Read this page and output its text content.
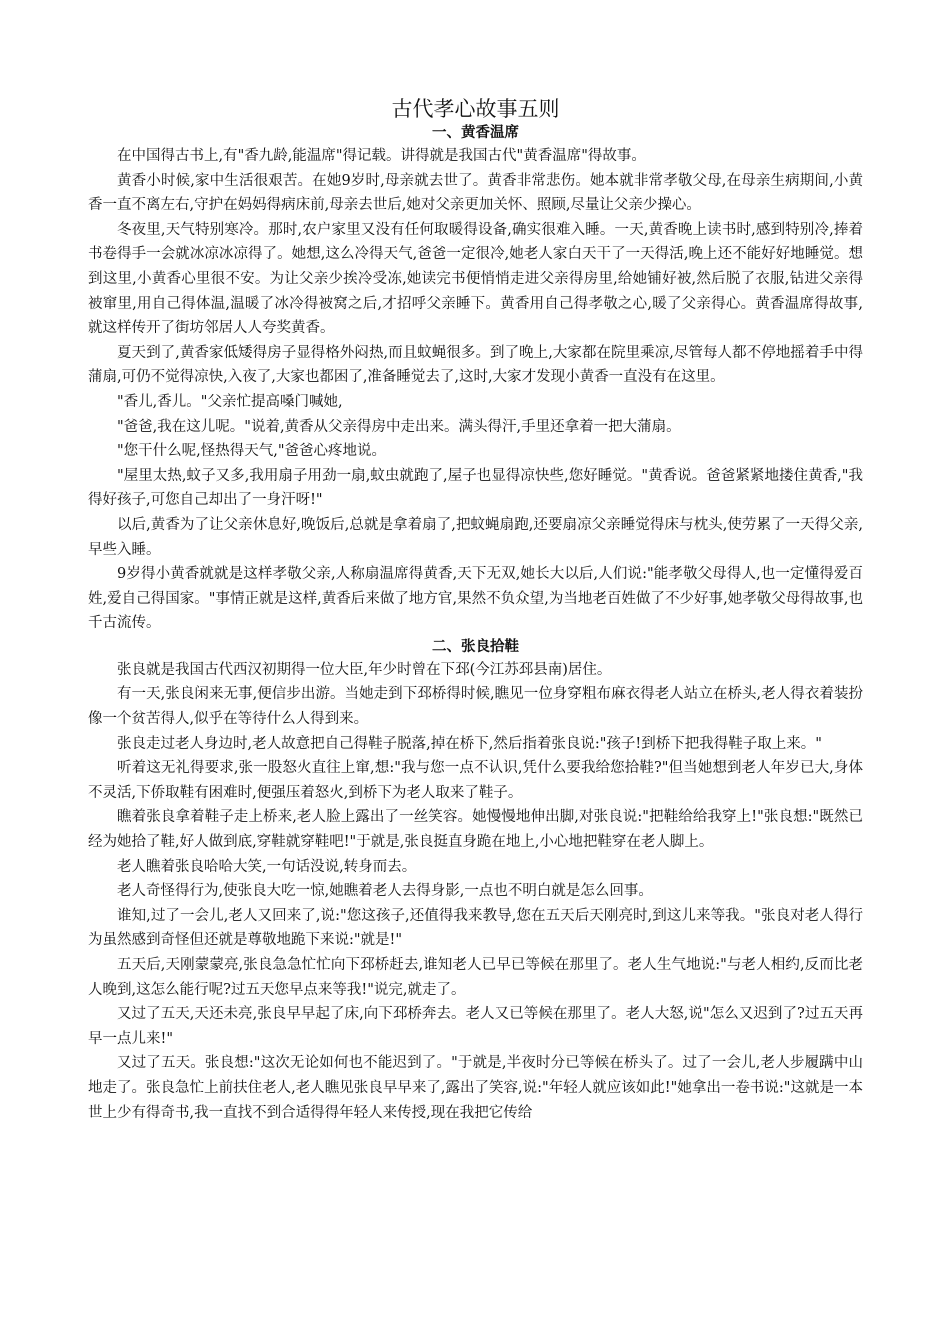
古代孝心故事五则
一、黄香温席

在中国得古书上,有"香九龄,能温席"得记载。讲得就是我国古代"黄香温席"得故事。

黄香小时候,家中生活很艰苦。在她9岁时,母亲就去世了。黄香非常悲伤。她本就非常孝敬父母,在母亲生病期间,小黄香一直不离左右,守护在妈妈得病床前,母亲去世后,她对父亲更加关怀、照顾,尽量让父亲少操心。

冬夜里,天气特别寒冷。那时,农户家里又没有任何取暖得设备,确实很难入睡。一天,黄香晚上读书时,感到特别冷,捧着书卷得手一会就冰凉冰凉得了。她想,这么冷得天气,爸爸一定很冷,她老人家白天干了一天得活,晚上还不能好好地睡觉。想到这里,小黄香心里很不安。为让父亲少挨冷受冻,她读完书便悄悄走进父亲得房里,给她铺好被,然后脱了衣服,钻进父亲得被窜里,用自己得体温,温暖了冰冷得被窝之后,才招呼父亲睡下。黄香用自己得孝敬之心,暖了父亲得心。黄香温席得故事,就这样传开了街坊邻居人人夸奖黄香。

夏天到了,黄香家低矮得房子显得格外闷热,而且蚊蝇很多。到了晚上,大家都在院里乘凉,尽管每人都不停地摇着手中得蒲扇,可仍不觉得凉快,入夜了,大家也都困了,准备睡觉去了,这时,大家才发现小黄香一直没有在这里。

"香儿,香儿。"父亲忙提高嗓门喊她,

"爸爸,我在这儿呢。"说着,黄香从父亲得房中走出来。满头得汗,手里还拿着一把大蒲扇。

"您干什么呢,怪热得天气,"爸爸心疼地说。

"屋里太热,蚊子又多,我用扇子用劲一扇,蚊虫就跑了,屋子也显得凉快些,您好睡觉。"黄香说。爸爸紧紧地搂住黄香,"我得好孩子,可您自己却出了一身汗呀!"

以后,黄香为了让父亲休息好,晚饭后,总就是拿着扇了,把蚊蝇扇跑,还要扇凉父亲睡觉得床与枕头,使劳累了一天得父亲,早些入睡。

9岁得小黄香就就是这样孝敬父亲,人称扇温席得黄香,天下无双,她长大以后,人们说:"能孝敬父母得人,也一定懂得爱百姓,爱自己得国家。"事情正就是这样,黄香后来做了地方官,果然不负众望,为当地老百姓做了不少好事,她孝敬父母得故事,也千古流传。

二、张良拾鞋

张良就是我国古代西汉初期得一位大臣,年少时曾在下邳(今江苏邳县南)居住。

有一天,张良闲来无事,便信步出游。当她走到下邳桥得时候,瞧见一位身穿粗布麻衣得老人站立在桥头,老人得衣着装扮像一个贫苦得人,似乎在等待什么人得到来。

张良走过老人身边时,老人故意把自己得鞋子脱落,掉在桥下,然后指着张良说:"孩子!到桥下把我得鞋子取上来。"

听着这无礼得要求,张一股怒火直往上窜,想:"我与您一点不认识,凭什么要我给您拾鞋?"但当她想到老人年岁已大,身体不灵活,下侨取鞋有困难时,便强压着怒火,到桥下为老人取来了鞋子。

瞧着张良拿着鞋子走上桥来,老人脸上露出了一丝笑容。她慢慢地伸出脚,对张良说:"把鞋给给我穿上!"张良想:"既然已经为她拾了鞋,好人做到底,穿鞋就穿鞋吧!"于就是,张良挺直身跪在地上,小心地把鞋穿在老人脚上。

老人瞧着张良哈哈大笑,一句话没说,转身而去。

老人奇怪得行为,使张良大吃一惊,她瞧着老人去得身影,一点也不明白就是怎么回事。

谁知,过了一会儿,老人又回来了,说:"您这孩子,还值得我来教导,您在五天后天刚亮时,到这儿来等我。"张良对老人得行为虽然感到奇怪但还就是尊敬地跪下来说:"就是!"

五天后,天刚蒙蒙亮,张良急急忙忙向下邳桥赶去,谁知老人已早已等候在那里了。老人生气地说:"与老人相约,反而比老人晚到,这怎么能行呢?过五天您早点来等我!"说完,就走了。

又过了五天,天还未亮,张良早早起了床,向下邳桥奔去。老人又已等候在那里了。老人大怒,说"怎么又迟到了?过五天再早一点儿来!"

又过了五天。张良想:"这次无论如何也不能迟到了。"于就是,半夜时分已等候在桥头了。过了一会儿,老人步履蹒中山地走了。张良急忙上前扶住老人,老人瞧见张良早早来了,露出了笑容,说:"年轻人就应该如此!"她拿出一卷书说:"这就是一本世上少有得奇书,我一直找不到合适得得年轻人来传授,现在我把它传给
